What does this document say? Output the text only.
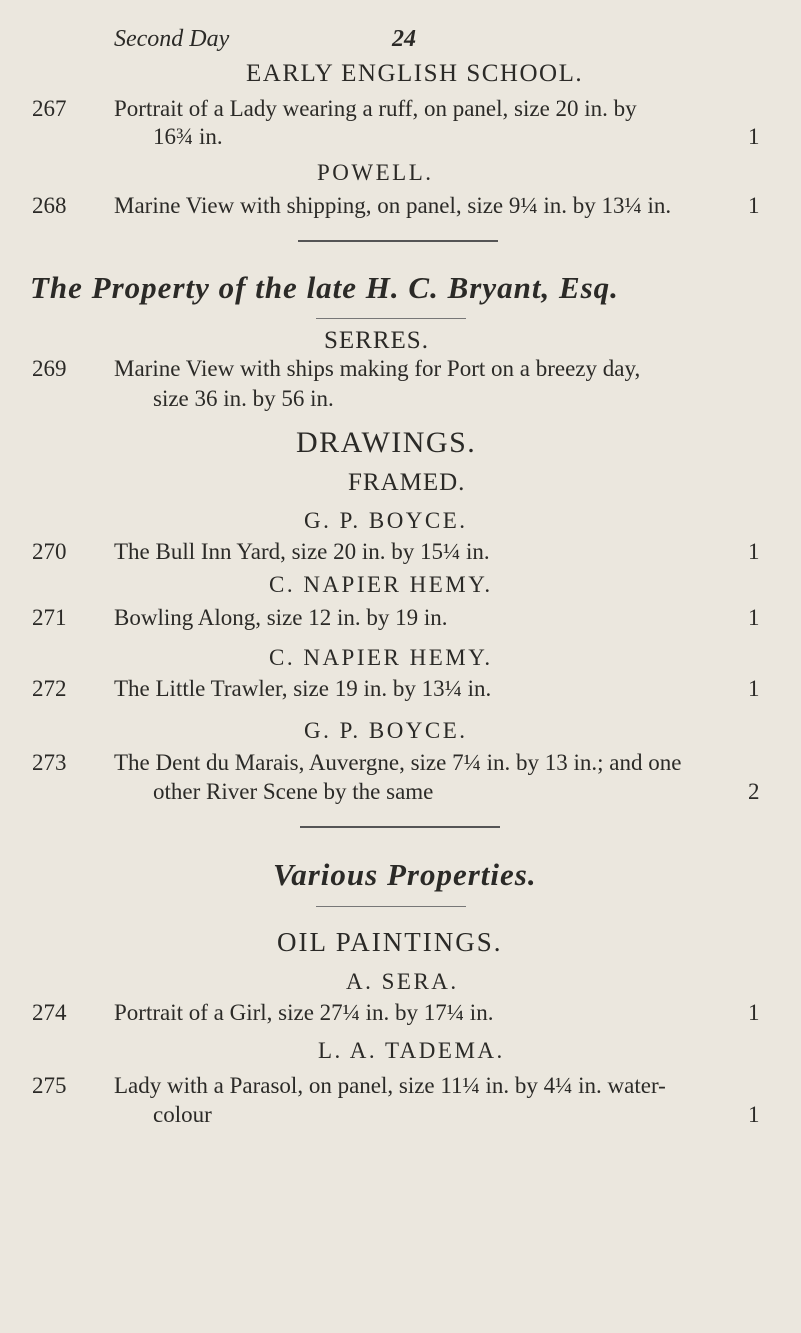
Second Day	24
EARLY ENGLISH SCHOOL.
267 Portrait of a Lady wearing a ruff, on panel, size 20 in. by
16¾ in.	1
POWELL.
268 Marine View with shipping, on panel, size 9¼ in. by 13¼ in.	1
The Property of the late H. C. Bryant, Esq.
SERRES.
269 Marine View with ships making for Port on a breezy day,
size 36 in. by 56 in.
DRAWINGS.
FRAMED.
G. P. BOYCE.
270 The Bull Inn Yard, size 20 in. by 15¼ in.	1
C. NAPIER HEMY.
271 Bowling Along, size 12 in. by 19 in.	1
C. NAPIER HEMY.
272 The Little Trawler, size 19 in. by 13¼ in.	1
G. P. BOYCE.
273 The Dent du Marais, Auvergne, size 7¼ in. by 13 in.; and one
other River Scene by the same	2
Various Properties.
OIL PAINTINGS.
A. SERA.
274 Portrait of a Girl, size 27¼ in. by 17¼ in.	1
L. A. TADEMA.
275 Lady with a Parasol, on panel, size 11¼ in. by 4¼ in. water-
colour	1
